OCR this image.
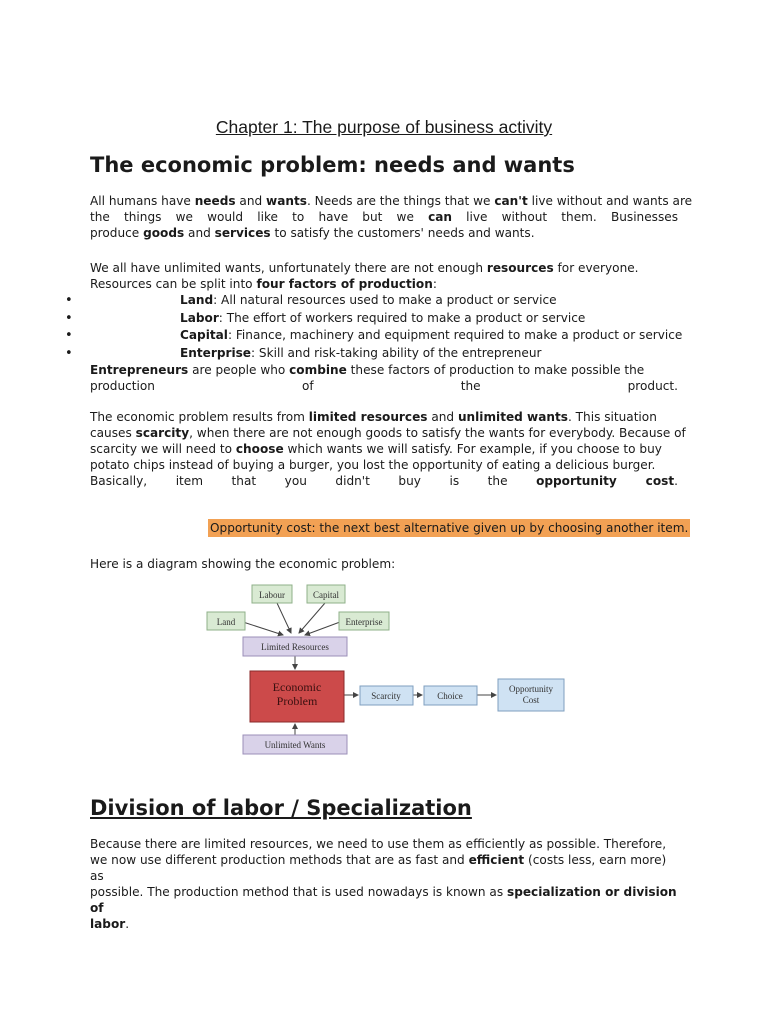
Chapter 1: The purpose of business activity
The economic problem: needs and wants
All humans have needs and wants. Needs are the things that we can't live without and wants are
the things we would like to have but we can live without them. Businesses
produce goods and services to satisfy the customers' needs and wants.
We all have unlimited wants, unfortunately there are not enough resources for everyone.
Resources can be split into four factors of production:
•	Land: All natural resources used to make a product or service
•	Labor: The effort of workers required to make a product or service
•	Capital: Finance, machinery and equipment required to make a product or service
•	Enterprise: Skill and risk-taking ability of the entrepreneur
Entrepreneurs are people who combine these factors of production to make possible the
production of the product.
The economic problem results from limited resources and unlimited wants. This situation
causes scarcity, when there are not enough goods to satisfy the wants for everybody. Because of
scarcity we will need to choose which wants we will satisfy. For example, if you choose to buy
potato chips instead of buying a burger, you lost the opportunity of eating a delicious burger.
Basically, item that you didn't buy is the opportunity cost.
Opportunity cost: the next best alternative given up by choosing another item.
Here is a diagram showing the economic problem:
Labour	Capital
Land	Enterprise
Limited Resources
Economic
Problem	Scarcity	Choice
Opportunity
Cost
Unlimited Wants
Division of labor / Specialization
Because there are limited resources, we need to use them as efficiently as possible. Therefore,
we now use different production methods that are as fast and efficient (costs less, earn more) as
possible. The production method that is used nowadays is known as specialization or division of
labor.
